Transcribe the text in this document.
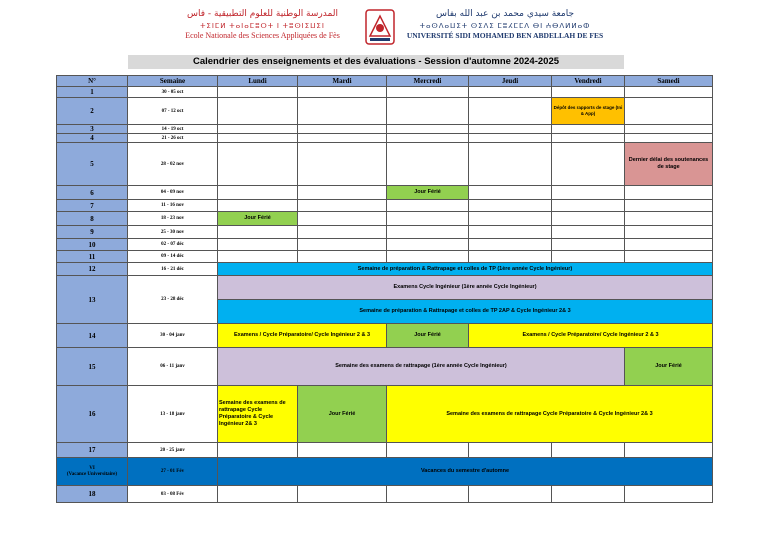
المدرسة الوطنية للعلوم التطبيقية - فاس
ⵜⵉⵏⵎⵍ ⵜⴰⵏⴰⵎⵓⵔⵜ ⵏ ⵜⵓⵙⵏⵉⵡⵉⵏ
Ecole Nationale des Sciences Appliquées de Fès
جامعة سيدي محمد بن عبد الله بفاس
ⵜⴰⵙⴷⴰⵡⵉⵜ ⵙⵉⴷⵉ ⵎⵓⵃⵎⵎⴷ ⴱⵏ ⵄⴱⴷⵍⵍⴰⵀ
UNIVERSITÉ SIDI MOHAMED BEN ABDELLAH DE FES
Calendrier des enseignements et des évaluations - Session d'automne 2024-2025
N°	Semaine	Lundi	Mardi	Mercredi	Jeudi	Vendredi	Samedi
1	30 - 05 oct						
2	07 - 12 oct					Dépôt des rapports de stage (Ini & App)	
3	14 - 19 oct						
4	21 - 26 oct						
5	28 - 02 nov						Dernier délai des soutenances de stage
6	04 - 09 nov			Jour Férié			
7	11 - 16 nov						
8	18 - 23 nov	Jour Férié					
9	25 - 30 nov						
10	02 - 07 déc						
11	09 - 14 déc						
12	16 - 21 déc	Semaine de préparation & Rattrapage et colles de TP (1ère année Cycle Ingénieur)					
13	23 - 28 déc	Examens Cycle Ingénieur (1ère année Cycle Ingénieur)					
		Semaine de préparation & Rattrapage et colles de TP 2AP & Cycle Ingénieur 2& 3					
14	30 - 04 janv	Examens / Cycle Préparatoire/ Cycle Ingénieur 2 & 3		Jour Férié	Examens / Cycle Préparatoire/ Cycle Ingénieur 2 & 3		
15	06 - 11 janv	Semaine des examens de rattrapage (1ère année Cycle Ingénieur)					Jour Férié
16	13 - 18 janv	Semaine des examens de rattrapage Cycle Préparatoire & Cycle Ingénieur 2& 3	Jour Férié	Semaine des examens de rattrapage Cycle Préparatoire & Cycle Ingénieur 2& 3			
17	20 - 25 janv						
VI
(Vacance Universitaire)	27 - 01 Fév	Vacances du semestre d'automne					
18	03 - 08 Fév						
